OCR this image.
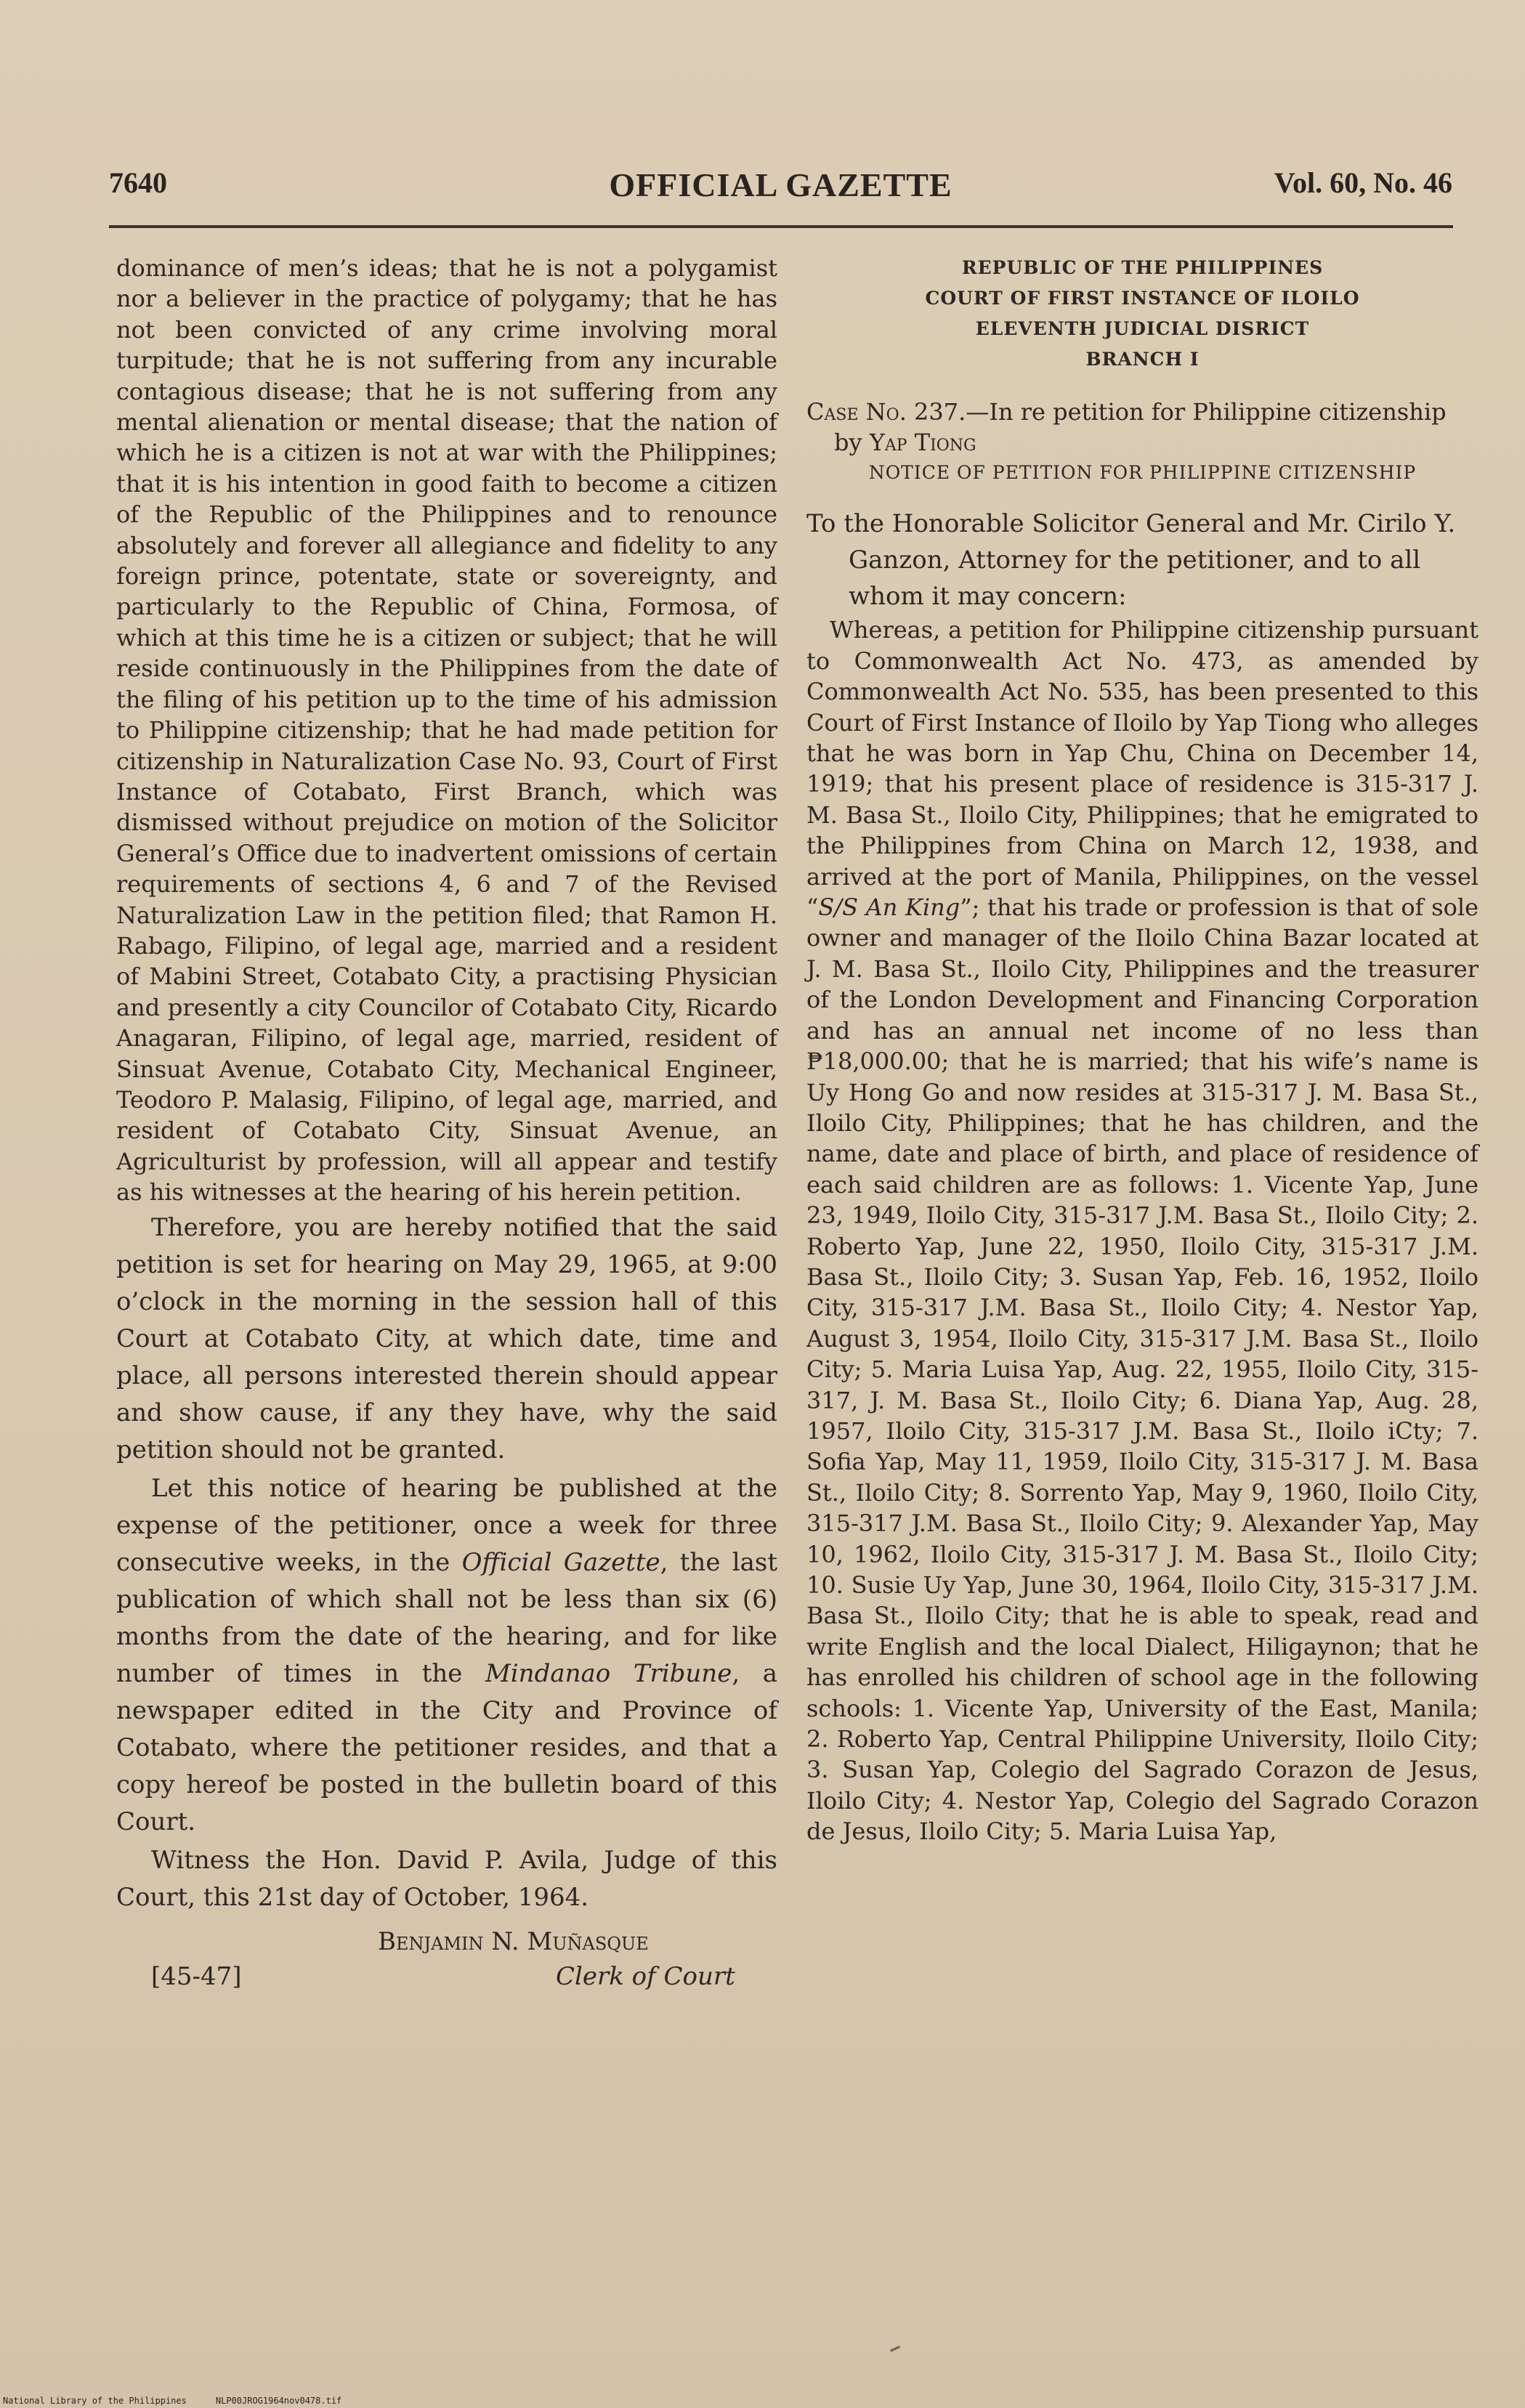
7640	OFFICIAL GAZETTE	Vol. 60, No. 46

dominance of men’s ideas; that he is not a polygamist nor a believer in the practice of polygamy; that he has not been convicted of any crime involving moral turpitude; that he is not suffering from any incurable contagious disease; that he is not suffering from any mental alienation or mental disease; that the nation of which he is a citizen is not at war with the Philippines; that it is his intention in good faith to become a citizen of the Republic of the Philippines and to renounce absolutely and forever all allegiance and fidelity to any foreign prince, potentate, state or sovereignty, and particularly to the Republic of China, Formosa, of which at this time he is a citizen or subject; that he will reside continuously in the Philippines from the date of the filing of his petition up to the time of his admission to Philippine citizenship; that he had made petition for citizenship in Naturalization Case No. 93, Court of First Instance of Cotabato, First Branch, which was dismissed without prejudice on motion of the Solicitor General’s Office due to inadvertent omissions of certain requirements of sections 4, 6 and 7 of the Revised Naturalization Law in the petition filed; that Ramon H. Rabago, Filipino, of legal age, married and a resident of Mabini Street, Cotabato City, a practising Physician and presently a city Councilor of Cotabato City, Ricardo Anagaran, Filipino, of legal age, married, resident of Sinsuat Avenue, Cotabato City, Mechanical Engineer, Teodoro P. Malasig, Filipino, of legal age, married, and resident of Cotabato City, Sinsuat Avenue, an Agriculturist by profession, will all appear and testify as his witnesses at the hearing of his herein petition.

Therefore, you are hereby notified that the said petition is set for hearing on May 29, 1965, at 9:00 o’clock in the morning in the session hall of this Court at Cotabato City, at which date, time and place, all persons interested therein should appear and show cause, if any they have, why the said petition should not be granted.

Let this notice of hearing be published at the expense of the petitioner, once a week for three consecutive weeks, in the Official Gazette, the last publication of which shall not be less than six (6) months from the date of the hearing, and for like number of times in the Mindanao Tribune, a newspaper edited in the City and Province of Cotabato, where the petitioner resides, and that a copy hereof be posted in the bulletin board of this Court.

Witness the Hon. David P. Avila, Judge of this Court, this 21st day of October, 1964.

Benjamin N. Muñasque
[45-47]	Clerk of Court
REPUBLIC OF THE PHILIPPINES
COURT OF FIRST INSTANCE OF ILOILO
ELEVENTH JUDICIAL DISRICT
BRANCH I

Case No. 237.—In re petition for Philippine citizenship by Yap Tiong

NOTICE OF PETITION FOR PHILIPPINE CITIZENSHIP

To the Honorable Solicitor General and Mr. Cirilo Y. Ganzon, Attorney for the petitioner, and to all whom it may concern:

Whereas, a petition for Philippine citizenship pursuant to Commonwealth Act No. 473, as amended by Commonwealth Act No. 535, has been presented to this Court of First Instance of Iloilo by Yap Tiong who alleges that he was born in Yap Chu, China on December 14, 1919; that his present place of residence is 315-317 J. M. Basa St., Iloilo City, Philippines; that he emigrated to the Philippines from China on March 12, 1938, and arrived at the port of Manila, Philippines, on the vessel “S/S An King”; that his trade or profession is that of sole owner and manager of the Iloilo China Bazar located at J. M. Basa St., Iloilo City, Philippines and the treasurer of the London Development and Financing Corporation and has an annual net income of no less than ₱18,000.00; that he is married; that his wife’s name is Uy Hong Go and now resides at 315-317 J. M. Basa St., Iloilo City, Philippines; that he has children, and the name, date and place of birth, and place of residence of each said children are as follows: 1. Vicente Yap, June 23, 1949, Iloilo City, 315-317 J.M. Basa St., Iloilo City; 2. Roberto Yap, June 22, 1950, Iloilo City, 315-317 J.M. Basa St., Iloilo City; 3. Susan Yap, Feb. 16, 1952, Iloilo City, 315-317 J.M. Basa St., Iloilo City; 4. Nestor Yap, August 3, 1954, Iloilo City, 315-317 J.M. Basa St., Iloilo City; 5. Maria Luisa Yap, Aug. 22, 1955, Iloilo City, 315-317, J. M. Basa St., Iloilo City; 6. Diana Yap, Aug. 28, 1957, Iloilo City, 315-317 J.M. Basa St., Iloilo iCty; 7. Sofia Yap, May 11, 1959, Iloilo City, 315-317 J. M. Basa St., Iloilo City; 8. Sorrento Yap, May 9, 1960, Iloilo City, 315-317 J.M. Basa St., Iloilo City; 9. Alexander Yap, May 10, 1962, Iloilo City, 315-317 J. M. Basa St., Iloilo City; 10. Susie Uy Yap, June 30, 1964, Iloilo City, 315-317 J.M. Basa St., Iloilo City; that he is able to speak, read and write English and the local Dialect, Hiligaynon; that he has enrolled his children of school age in the following schools: 1. Vicente Yap, University of the East, Manila; 2. Roberto Yap, Central Philippine University, Iloilo City; 3. Susan Yap, Colegio del Sagrado Corazon de Jesus, Iloilo City; 4. Nestor Yap, Colegio del Sagrado Corazon de Jesus, Iloilo City; 5. Maria Luisa Yap,

National Library of the Philippines	NLP00JROG1964nov0478.tif
